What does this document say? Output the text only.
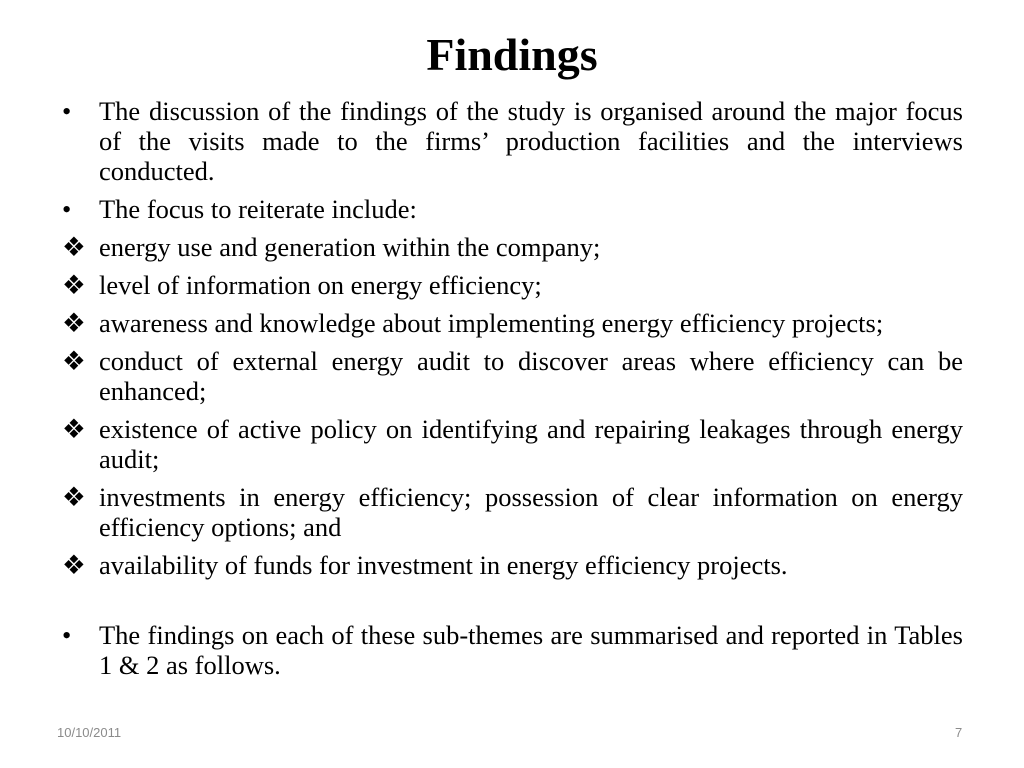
Findings
•	The discussion of the findings of the study is organised around the major focus of the visits made to the firms’ production facilities and the interviews conducted.
•	The focus to reiterate include:
❖ energy use and generation within the company;
❖ level of information on energy efficiency;
❖ awareness and knowledge about implementing energy efficiency projects;
❖ conduct of external energy audit to discover areas where efficiency can be enhanced;
❖ existence of active policy on identifying and repairing leakages through energy audit;
❖ investments in energy efficiency; possession of clear information on energy efficiency options; and
❖ availability of funds for investment in energy efficiency projects.
•	The findings on each of these sub-themes are summarised and reported in Tables 1 & 2 as follows.
10/10/2011	7
